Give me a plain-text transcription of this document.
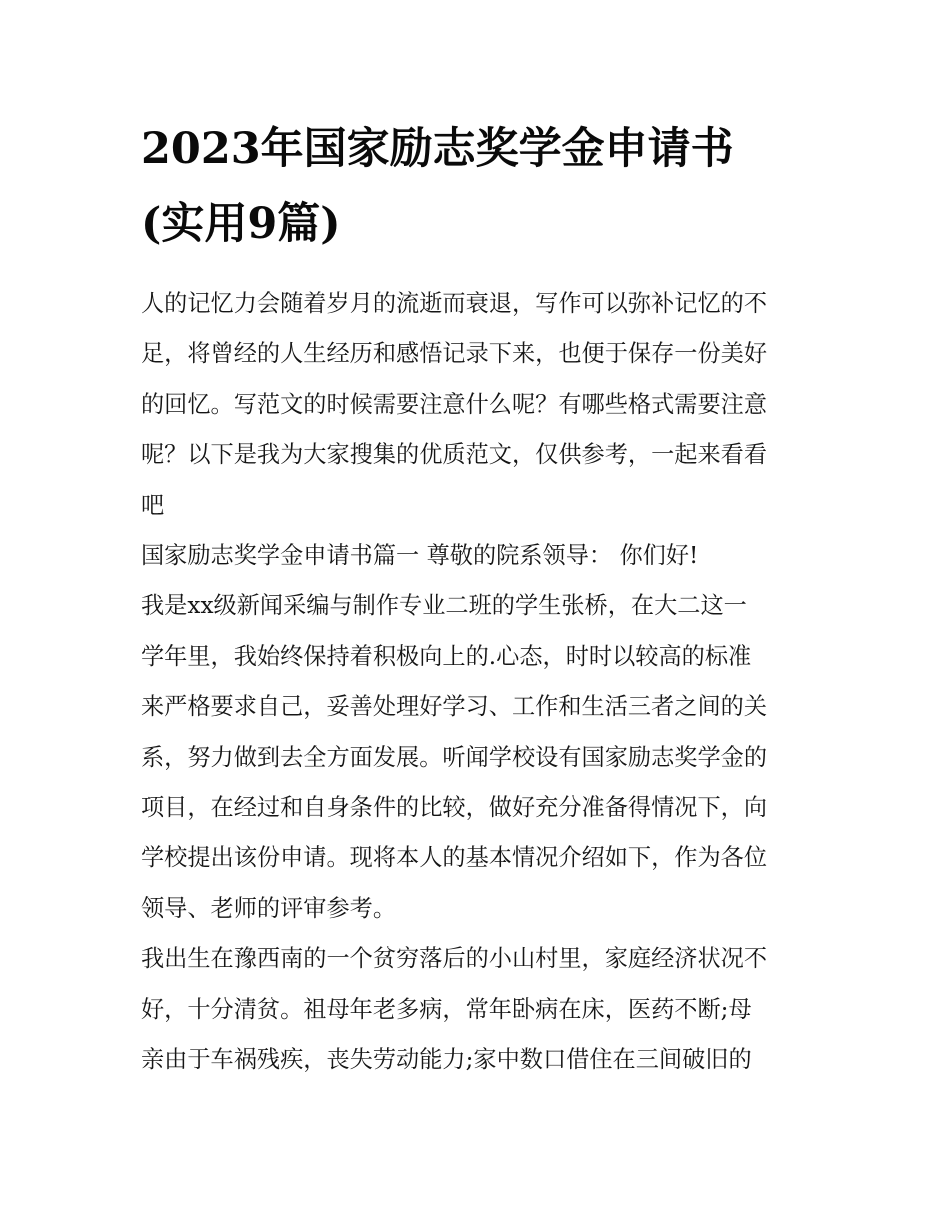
2023年国家励志奖学金申请书
(实用9篇)

人的记忆力会随着岁月的流逝而衰退，写作可以弥补记忆的不
足，将曾经的人生经历和感悟记录下来，也便于保存一份美好
的回忆。写范文的时候需要注意什么呢？有哪些格式需要注意
呢？以下是我为大家搜集的优质范文，仅供参考，一起来看看
吧

国家励志奖学金申请书篇一 尊敬的院系领导： 你们好!

我是xx级新闻采编与制作专业二班的学生张桥，在大二这一
学年里，我始终保持着积极向上的.心态，时时以较高的标准
来严格要求自己，妥善处理好学习、工作和生活三者之间的关
系，努力做到去全方面发展。听闻学校设有国家励志奖学金的
项目，在经过和自身条件的比较，做好充分准备得情况下，向
学校提出该份申请。现将本人的基本情况介绍如下，作为各位
领导、老师的评审参考。

我出生在豫西南的一个贫穷落后的小山村里，家庭经济状况不
好，十分清贫。祖母年老多病，常年卧病在床，医药不断;母
亲由于车祸残疾，丧失劳动能力;家中数口借住在三间破旧的
